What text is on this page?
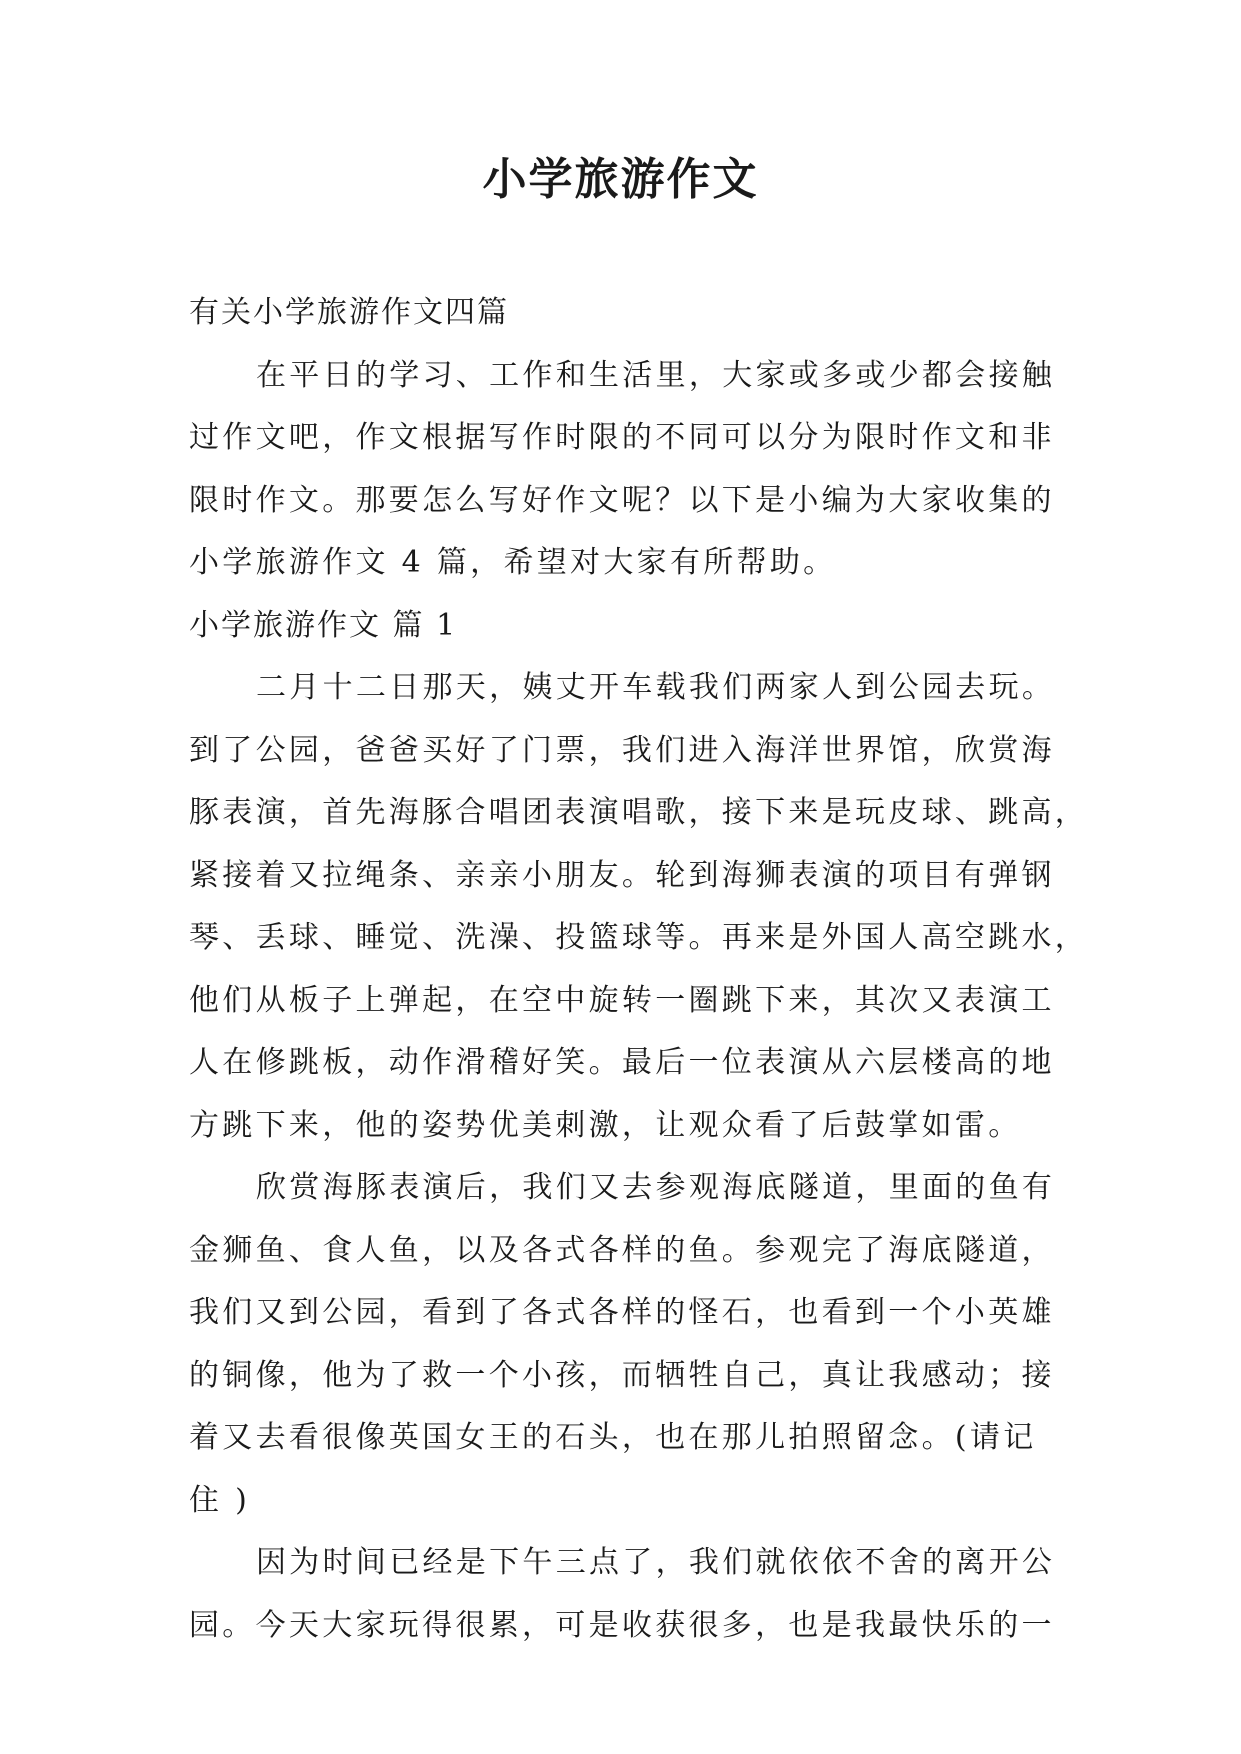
小学旅游作文

有关小学旅游作文四篇

在平日的学习、工作和生活里，大家或多或少都会接触

过作文吧，作文根据写作时限的不同可以分为限时作文和非

限时作文。那要怎么写好作文呢？以下是小编为大家收集的

小学旅游作文 4 篇，希望对大家有所帮助。

小学旅游作文 篇 1

二月十二日那天，姨丈开车载我们两家人到公园去玩。

到了公园，爸爸买好了门票，我们进入海洋世界馆，欣赏海

豚表演，首先海豚合唱团表演唱歌，接下来是玩皮球、跳高，

紧接着又拉绳条、亲亲小朋友。轮到海狮表演的项目有弹钢

琴、丢球、睡觉、洗澡、投篮球等。再来是外国人高空跳水，

他们从板子上弹起，在空中旋转一圈跳下来，其次又表演工

人在修跳板，动作滑稽好笑。最后一位表演从六层楼高的地

方跳下来，他的姿势优美刺激，让观众看了后鼓掌如雷。

欣赏海豚表演后，我们又去参观海底隧道，里面的鱼有

金狮鱼、食人鱼，以及各式各样的鱼。参观完了海底隧道，

我们又到公园，看到了各式各样的怪石，也看到一个小英雄

的铜像，他为了救一个小孩，而牺牲自己，真让我感动；接

着又去看很像英国女王的石头，也在那儿拍照留念。(请记

住 )

因为时间已经是下午三点了，我们就依依不舍的离开公

园。今天大家玩得很累，可是收获很多，也是我最快乐的一
